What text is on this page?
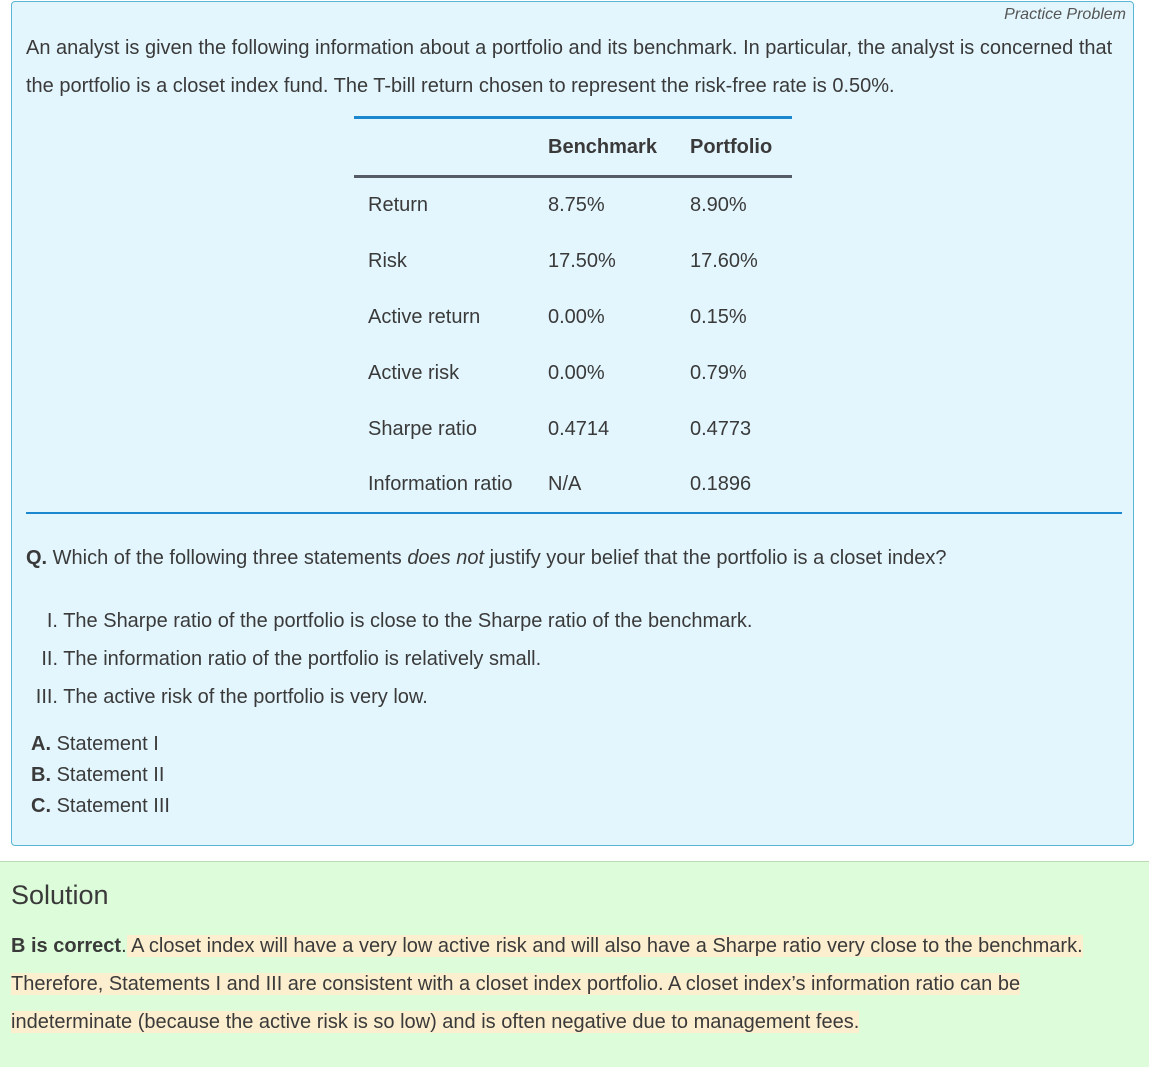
Practice Problem

An analyst is given the following information about a portfolio and its benchmark. In particular, the analyst is concerned that the portfolio is a closet index fund. The T-bill return chosen to represent the risk-free rate is 0.50%.

	Benchmark	Portfolio
Return	8.75%	8.90%
Risk	17.50%	17.60%
Active return	0.00%	0.15%
Active risk	0.00%	0.79%
Sharpe ratio	0.4714	0.4773
Information ratio	N/A	0.1896

Q. Which of the following three statements does not justify your belief that the portfolio is a closet index?

I. The Sharpe ratio of the portfolio is close to the Sharpe ratio of the benchmark.
II. The information ratio of the portfolio is relatively small.
III. The active risk of the portfolio is very low.
A. Statement I
B. Statement II
C. Statement III
Solution

B is correct. A closet index will have a very low active risk and will also have a Sharpe ratio very close to the benchmark. Therefore, Statements I and III are consistent with a closet index portfolio. A closet index’s information ratio can be indeterminate (because the active risk is so low) and is often negative due to management fees.
